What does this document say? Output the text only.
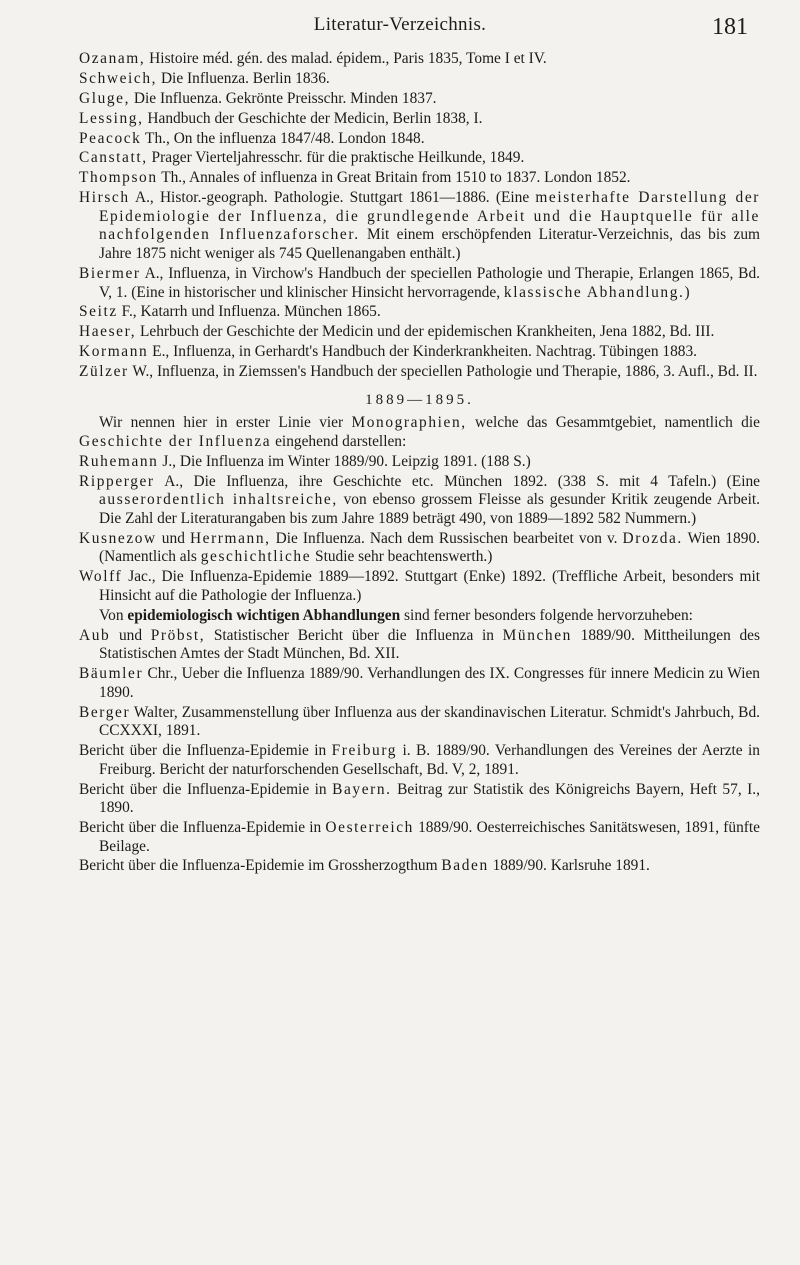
Literatur-Verzeichnis.	181

Ozanam, Histoire méd. gén. des malad. épidem., Paris 1835, Tome I et IV.

Schweich, Die Influenza. Berlin 1836.

Gluge, Die Influenza. Gekrönte Preisschr. Minden 1837.

Lessing, Handbuch der Geschichte der Medicin, Berlin 1838, I.

Peacock Th., On the influenza 1847/48. London 1848.

Canstatt, Prager Vierteljahresschr. für die praktische Heilkunde, 1849.

Thompson Th., Annales of influenza in Great Britain from 1510 to 1837. London 1852.

Hirsch A., Histor.-geograph. Pathologie. Stuttgart 1861—1886. (Eine meisterhafte Darstellung der Epidemiologie der Influenza, die grundlegende Arbeit und die Hauptquelle für alle nachfolgenden Influenzaforscher. Mit einem erschöpfenden Literatur-Verzeichnis, das bis zum Jahre 1875 nicht weniger als 745 Quellenangaben enthält.)

Biermer A., Influenza, in Virchow's Handbuch der speciellen Pathologie und Therapie, Erlangen 1865, Bd. V, 1. (Eine in historischer und klinischer Hinsicht hervorragende, klassische Abhandlung.)

Seitz F., Katarrh und Influenza. München 1865.

Haeser, Lehrbuch der Geschichte der Medicin und der epidemischen Krankheiten, Jena 1882, Bd. III.

Kormann E., Influenza, in Gerhardt's Handbuch der Kinderkrankheiten. Nachtrag. Tübingen 1883.

Zülzer W., Influenza, in Ziemssen's Handbuch der speciellen Pathologie und Therapie, 1886, 3. Aufl., Bd. II.

1889—1895.

Wir nennen hier in erster Linie vier Monographien, welche das Gesammtgebiet, namentlich die Geschichte der Influenza eingehend darstellen:

Ruhemann J., Die Influenza im Winter 1889/90. Leipzig 1891. (188 S.)

Ripperger A., Die Influenza, ihre Geschichte etc. München 1892. (338 S. mit 4 Tafeln.) (Eine ausserordentlich inhaltsreiche, von ebenso grossem Fleisse als gesunder Kritik zeugende Arbeit. Die Zahl der Literaturangaben bis zum Jahre 1889 beträgt 490, von 1889—1892 582 Nummern.)

Kusnezow und Herrmann, Die Influenza. Nach dem Russischen bearbeitet von v. Drozda. Wien 1890. (Namentlich als geschichtliche Studie sehr beachtenswerth.)

Wolff Jac., Die Influenza-Epidemie 1889—1892. Stuttgart (Enke) 1892. (Treffliche Arbeit, besonders mit Hinsicht auf die Pathologie der Influenza.)

Von epidemiologisch wichtigen Abhandlungen sind ferner besonders folgende hervorzuheben:

Aub und Pröbst, Statistischer Bericht über die Influenza in München 1889/90. Mittheilungen des Statistischen Amtes der Stadt München, Bd. XII.

Bäumler Chr., Ueber die Influenza 1889/90. Verhandlungen des IX. Congresses für innere Medicin zu Wien 1890.

Berger Walter, Zusammenstellung über Influenza aus der skandinavischen Literatur. Schmidt's Jahrbuch, Bd. CCXXXI, 1891.

Bericht über die Influenza-Epidemie in Freiburg i. B. 1889/90. Verhandlungen des Vereines der Aerzte in Freiburg. Bericht der naturforschenden Gesellschaft, Bd. V, 2, 1891.

Bericht über die Influenza-Epidemie in Bayern. Beitrag zur Statistik des Königreichs Bayern, Heft 57, I., 1890.

Bericht über die Influenza-Epidemie in Oesterreich 1889/90. Oesterreichisches Sanitätswesen, 1891, fünfte Beilage.

Bericht über die Influenza-Epidemie im Grossherzogthum Baden 1889/90. Karlsruhe 1891.
